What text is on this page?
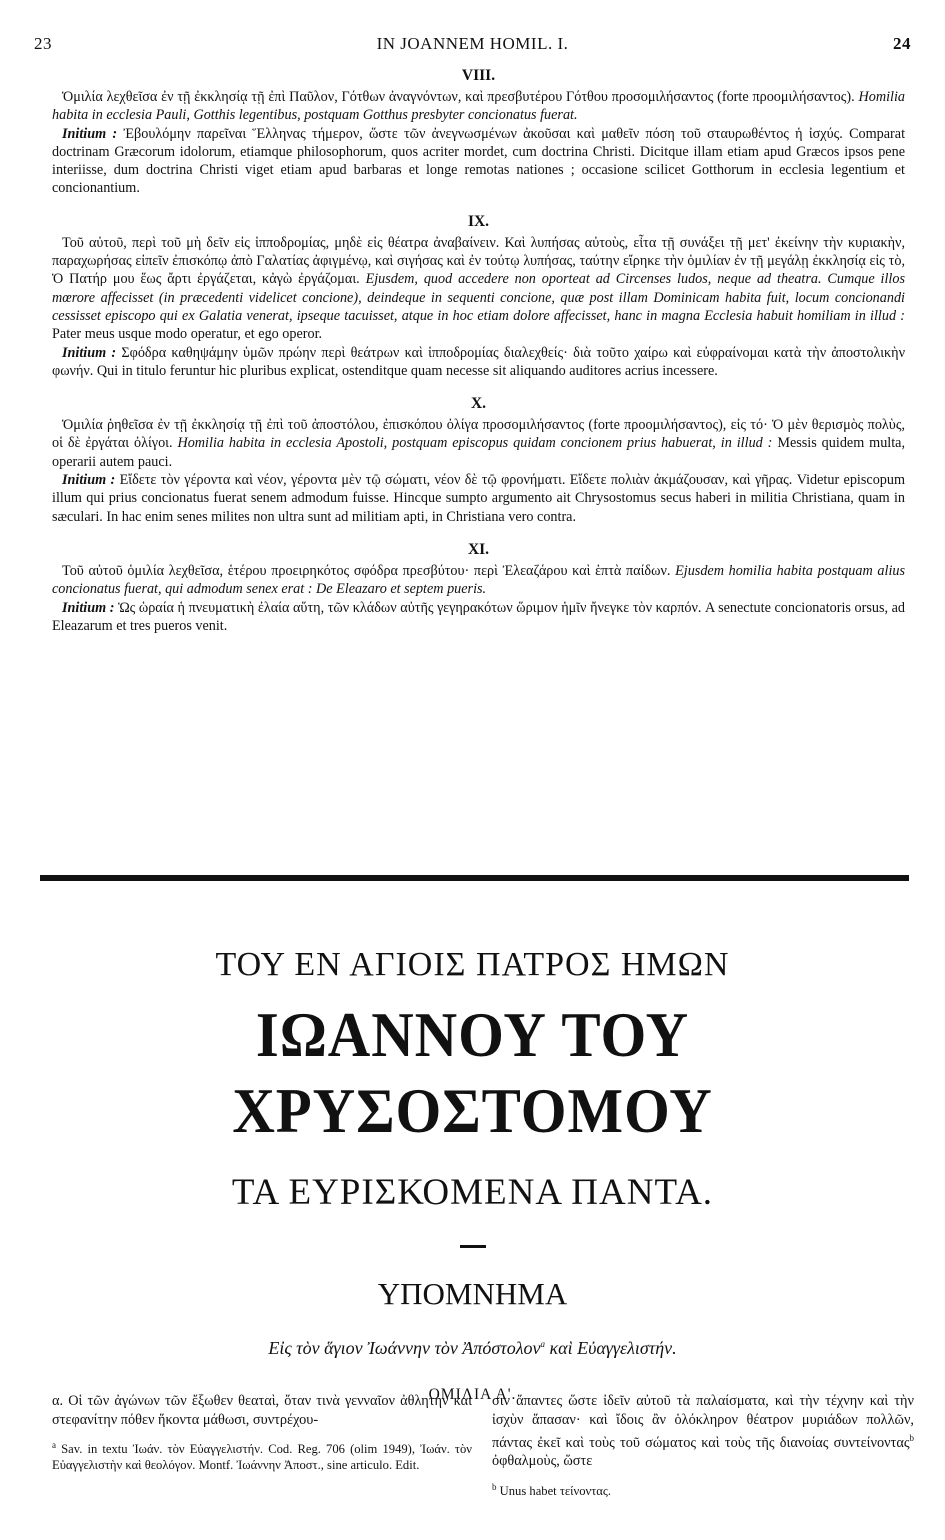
23	IN JOANNEM HOMIL. I.	24
VIII.

Ὁμιλία λεχθεῖσα ἐν τῇ ἐκκλησίᾳ τῇ ἐπὶ Παῦλον, Γότθων ἀναγνόντων, καὶ πρεσβυτέρου Γότθου προσομιλήσαντος (forte προομιλήσαντος). Homilia habita in ecclesia Pauli, Gotthis legentibus, postquam Gotthus presbyter concionatus fuerat.

Initium : Ἐβουλόμην παρεῖναι Ἕλληνας τήμερον, ὥστε τῶν ἀνεγνωσμένων ἀκοῦσαι καὶ μαθεῖν πόση τοῦ σταυρωθέντος ἡ ἰσχύς. Comparat doctrinam Græcorum idolorum, etiamque philosophorum, quos acriter mordet, cum doctrina Christi. Dicitque illam etiam apud Græcos ipsos pene interiisse, dum doctrina Christi viget etiam apud barbaras et longe remotas nationes ; occasione scilicet Gotthorum in ecclesia legentium et concionantium.

IX.

Τοῦ αὐτοῦ, περὶ τοῦ μὴ δεῖν εἰς ἱπποδρομίας, μηδὲ εἰς θέατρα ἀναβαίνειν. Καὶ λυπήσας αὐτοὺς, εἶτα τῇ συνάξει τῇ μετ' ἐκείνην τὴν κυριακὴν, παραχωρήσας εἰπεῖν ἐπισκόπῳ ἀπὸ Γαλατίας ἀφιγμένῳ, καὶ σιγήσας καὶ ἐν τούτῳ λυπήσας, ταύτην εἴρηκε τὴν ὁμιλίαν ἐν τῇ μεγάλῃ ἐκκλησίᾳ εἰς τὸ, Ὁ Πατήρ μου ἕως ἄρτι ἐργάζεται, κἀγὼ ἐργάζομαι. Ejusdem, quod accedere non oporteat ad Circenses ludos, neque ad theatra. Cumque illos mœrore affecisset (in præcedenti videlicet concione), deindeque in sequenti concione, quæ post illam Dominicam habita fuit, locum concionandi cessisset episcopo qui ex Galatia venerat, ipseque tacuisset, atque in hoc etiam dolore affecisset, hanc in magna Ecclesia habuit homiliam in illud : Pater meus usque modo operatur, et ego operor.

Initium : Σφόδρα καθηψάμην ὑμῶν πρώην περὶ θεάτρων καὶ ἱπποδρομίας διαλεχθείς· διὰ τοῦτο χαίρω καὶ εὐφραίνομαι κατὰ τὴν ἀποστολικὴν φωνήν. Qui in titulo feruntur hic pluribus explicat, ostenditque quam necesse sit aliquando auditores acrius incessere.

X.

Ὁμιλία ῥηθεῖσα ἐν τῇ ἐκκλησίᾳ τῇ ἐπὶ τοῦ ἀποστόλου, ἐπισκόπου ὀλίγα προσομιλήσαντος (forte προομιλήσαντος), εἰς τό· Ὁ μὲν θερισμὸς πολὺς, οἱ δὲ ἐργάται ὀλίγοι. Homilia habita in ecclesia Apostoli, postquam episcopus quidam concionem prius habuerat, in illud : Messis quidem multa, operarii autem pauci.

Initium : Εἴδετε τὸν γέροντα καὶ νέον, γέροντα μὲν τῷ σώματι, νέον δὲ τῷ φρονήματι. Εἴδετε πολιὰν ἀκμάζουσαν, καὶ γῆρας. Videtur episcopum illum qui prius concionatus fuerat senem admodum fuisse. Hincque sumpto argumento ait Chrysostomus secus haberi in militia Christiana, quam in sæculari. In hac enim senes milites non ultra sunt ad militiam apti, in Christiana vero contra.

XI.

Τοῦ αὐτοῦ ὁμιλία λεχθεῖσα, ἑτέρου προειρηκότος σφόδρα πρεσβύτου· περὶ Ἐλεαζάρου καὶ ἑπτὰ παίδων. Ejusdem homilia habita postquam alius concionatus fuerat, qui admodum senex erat : De Eleazaro et septem pueris.

Initium : Ὡς ὡραία ἡ πνευματικὴ ἐλαία αὕτη, τῶν κλάδων αὐτῆς γεγηρακότων ὥριμον ἡμῖν ἤνεγκε τὸν καρπόν. A senectute concionatoris orsus, ad Eleazarum et tres pueros venit.

ΤΟΥ ΕΝ ΑΓΙΟΙΣ ΠΑΤΡΟΣ ΗΜΩΝ
ΙΩΑΝΝΟΥ ΤΟΥ ΧΡΥΣΟΣΤΟΜΟΥ
ΤΑ ΕΥΡΙΣΚΟΜΕΝΑ ΠΑΝΤΑ.
ΥΠΟΜΝΗΜΑ
Εἰς τὸν ἅγιον Ἰωάννην τὸν Ἀπόστολον$^a$ καὶ Εὐαγγελιστήν.
ΟΜΙΛΙΑ Α'.

α. Οἱ τῶν ἀγώνων τῶν ἔξωθεν θεαταὶ, ὅταν τινὰ γενναῖον ἀθλητὴν καὶ στεφανίτην πόθεν ἥκοντα μάθωσι, συντρέχου-

$^a$ Sav. in textu Ἰωάν. τὸν Εὐαγγελιστήν. Cod. Reg. 706 (olim 1949), Ἰωάν. τὸν Εὐαγγελιστὴν καὶ θεολόγον. Montf. Ἰωάννην Ἀποστ., sine articulo. Edit.

σιν ἅπαντες ὥστε ἰδεῖν αὐτοῦ τὰ παλαίσματα, καὶ τὴν τέχνην καὶ τὴν ἰσχὺν ἅπασαν· καὶ ἴδοις ἂν ὁλόκληρον θέατρον μυριάδων πολλῶν, πάντας ἐκεῖ καὶ τοὺς τοῦ σώματος καὶ τοὺς τῆς διανοίας συντείνοντας$^b$ ὀφθαλμοὺς, ὥστε

$^b$ Unus habet τείνοντας.
